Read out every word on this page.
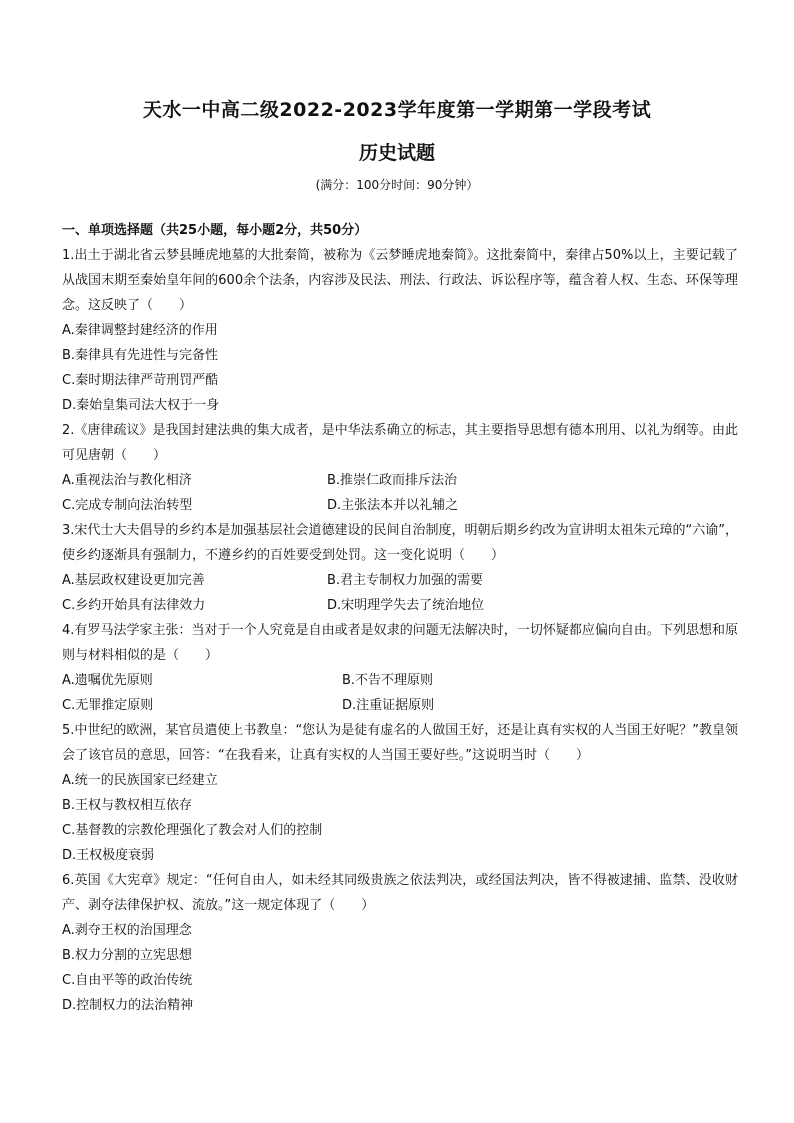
天水一中高二级2022-2023学年度第一学期第一学段考试
历史试题
(满分：100分时间：90分钟）
一、单项选择题（共25小题，每小题2分，共50分）
1.出土于湖北省云梦县睡虎地墓的大批秦简，被称为《云梦睡虎地秦简》。这批秦简中，秦律占50%以上，主要记载了从战国末期至秦始皇年间的600余个法条，内容涉及民法、刑法、行政法、诉讼程序等，蕴含着人权、生态、环保等理念。这反映了（　　）
A.秦律调整封建经济的作用
B.秦律具有先进性与完备性
C.秦时期法律严苛刑罚严酷
D.秦始皇集司法大权于一身
2.《唐律疏议》是我国封建法典的集大成者，是中华法系确立的标志，其主要指导思想有德本刑用、以礼为纲等。由此可见唐朝（　　）
A.重视法治与教化相济	B.推崇仁政而排斥法治
C.完成专制向法治转型	D.主张法本并以礼辅之
3.宋代士大夫倡导的乡约本是加强基层社会道德建设的民间自治制度，明朝后期乡约改为宣讲明太祖朱元璋的“六谕”，使乡约逐渐具有强制力，不遵乡约的百姓要受到处罚。这一变化说明（　　）
A.基层政权建设更加完善	B.君主专制权力加强的需要
C.乡约开始具有法律效力	D.宋明理学失去了统治地位
4.有罗马法学家主张：当对于一个人究竟是自由或者是奴隶的问题无法解决时，一切怀疑都应偏向自由。下列思想和原则与材料相似的是（　　）
A.遗嘱优先原则	B.不告不理原则
C.无罪推定原则	D.注重证据原则
5.中世纪的欧洲，某官员遣使上书教皇：“您认为是徒有虚名的人做国王好，还是让真有实权的人当国王好呢？”教皇领会了该官员的意思，回答：“在我看来，让真有实权的人当国王要好些。”这说明当时（　　）
A.统一的民族国家已经建立
B.王权与教权相互依存
C.基督教的宗教伦理强化了教会对人们的控制
D.王权极度衰弱
6.英国《大宪章》规定：“任何自由人，如未经其同级贵族之依法判决，或经国法判决，皆不得被逮捕、监禁、没收财产、剥夺法律保护权、流放。”这一规定体现了（　　）
A.剥夺王权的治国理念
B.权力分割的立宪思想
C.自由平等的政治传统
D.控制权力的法治精神
